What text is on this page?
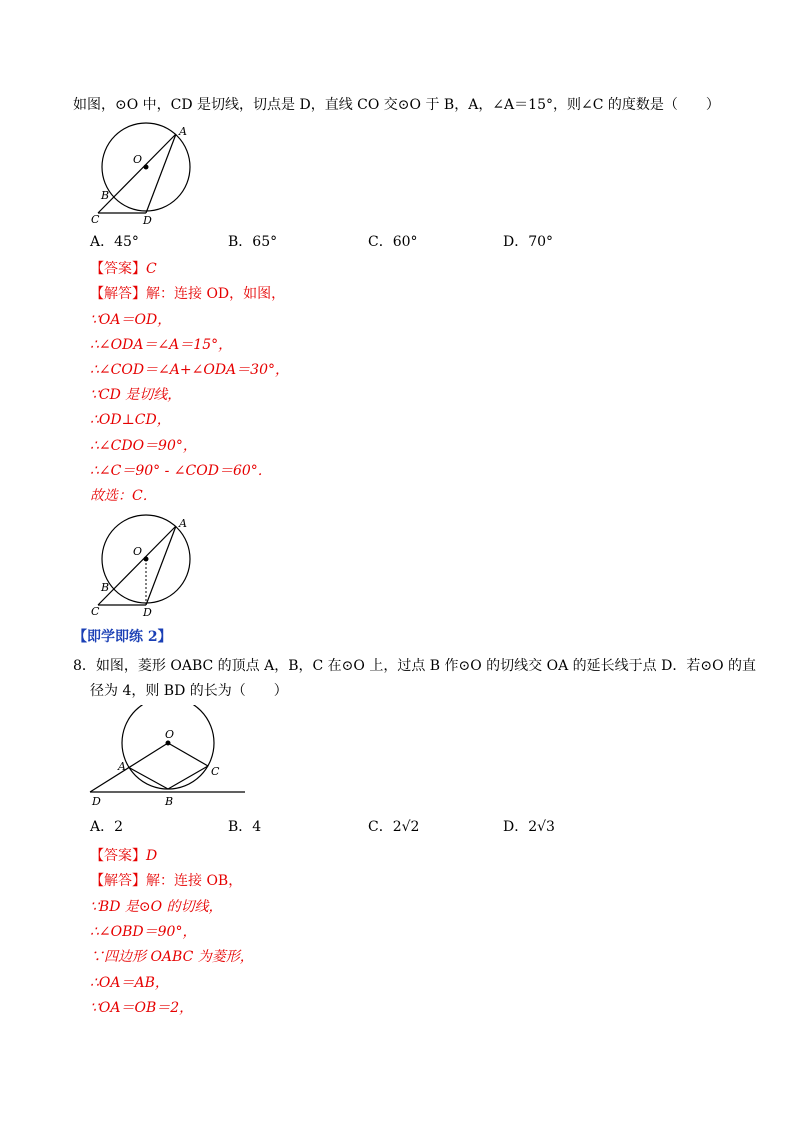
如图，⊙O 中，CD 是切线，切点是 D，直线 CO 交⊙O 于 B，A，∠A＝15°，则∠C 的度数是（　　）
O
A
B
C	D
A．45°	B．65°	C．60°	D．70°
【答案】C
【解答】解：连接 OD，如图，
∵OA＝OD，
∴∠ODA＝∠A＝15°，
∴∠COD＝∠A+∠ODA＝30°，
∵CD 是切线，
∴OD⊥CD，
∴∠CDO＝90°，
∴∠C＝90° - ∠COD＝60°．
故选：C．
O
A
B
C	D
【即学即练 2】
8．如图，菱形 OABC 的顶点 A，B，C 在⊙O 上，过点 B 作⊙O 的切线交 OA 的延长线于点 D．若⊙O 的直
径为 4，则 BD 的长为（　　）
O
A	C
D	B
A．2	B．4	C．2√2	D．2√3
【答案】D
【解答】解：连接 OB，
∵BD 是⊙O 的切线，
∴∠OBD＝90°，
∵四边形 OABC 为菱形，
∴OA＝AB，
∵OA＝OB＝2，
